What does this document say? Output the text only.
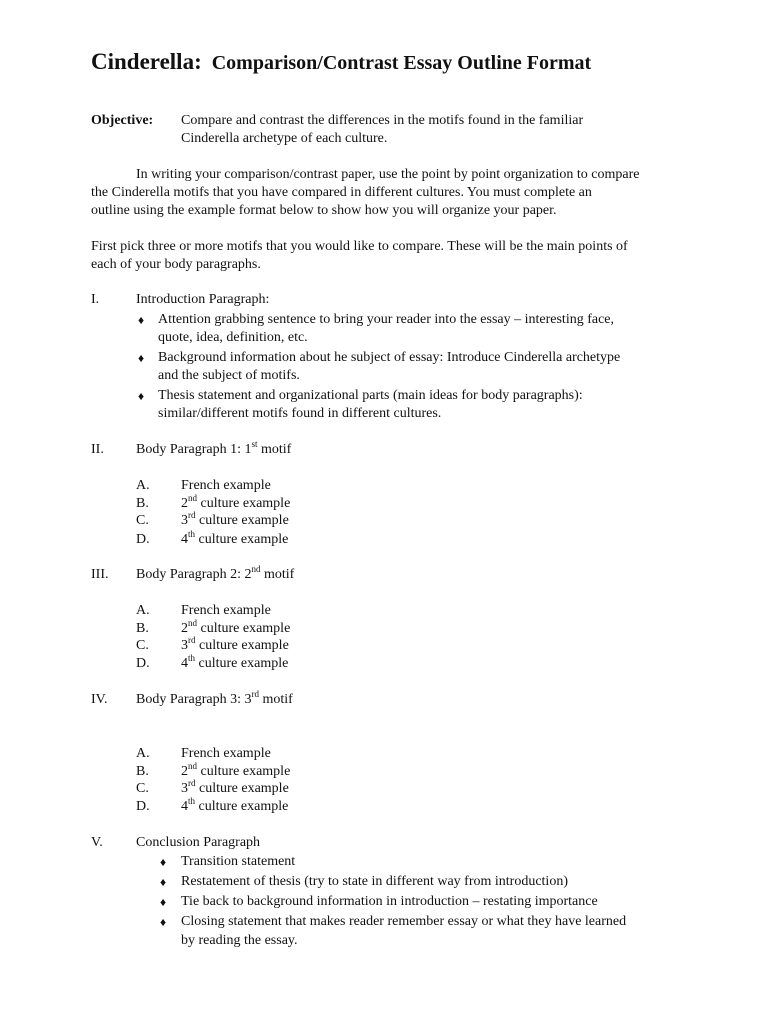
Cinderella: Comparison/Contrast Essay Outline Format
Objective: Compare and contrast the differences in the motifs found in the familiar
Cinderella archetype of each culture.
In writing your comparison/contrast paper, use the point by point organization to compare
the Cinderella motifs that you have compared in different cultures. You must complete an
outline using the example format below to show how you will organize your paper.
First pick three or more motifs that you would like to compare. These will be the main points of
each of your body paragraphs.
I.	Introduction Paragraph:
♦ Attention grabbing sentence to bring your reader into the essay – interesting face,
quote, idea, definition, etc.
♦ Background information about he subject of essay: Introduce Cinderella archetype
and the subject of motifs.
♦ Thesis statement and organizational parts (main ideas for body paragraphs):
similar/different motifs found in different cultures.
II. Body Paragraph 1: 1st motif
A. French example
B. 2nd culture example
C. 3rd culture example
D. 4th culture example
III. Body Paragraph 2: 2nd motif
A. French example
B. 2nd culture example
C. 3rd culture example
D. 4th culture example
IV. Body Paragraph 3: 3rd motif
A. French example
B. 2nd culture example
C. 3rd culture example
D. 4th culture example
V. Conclusion Paragraph
♦ Transition statement
♦ Restatement of thesis (try to state in different way from introduction)
♦ Tie back to background information in introduction – restating importance
♦ Closing statement that makes reader remember essay or what they have learned
by reading the essay.
